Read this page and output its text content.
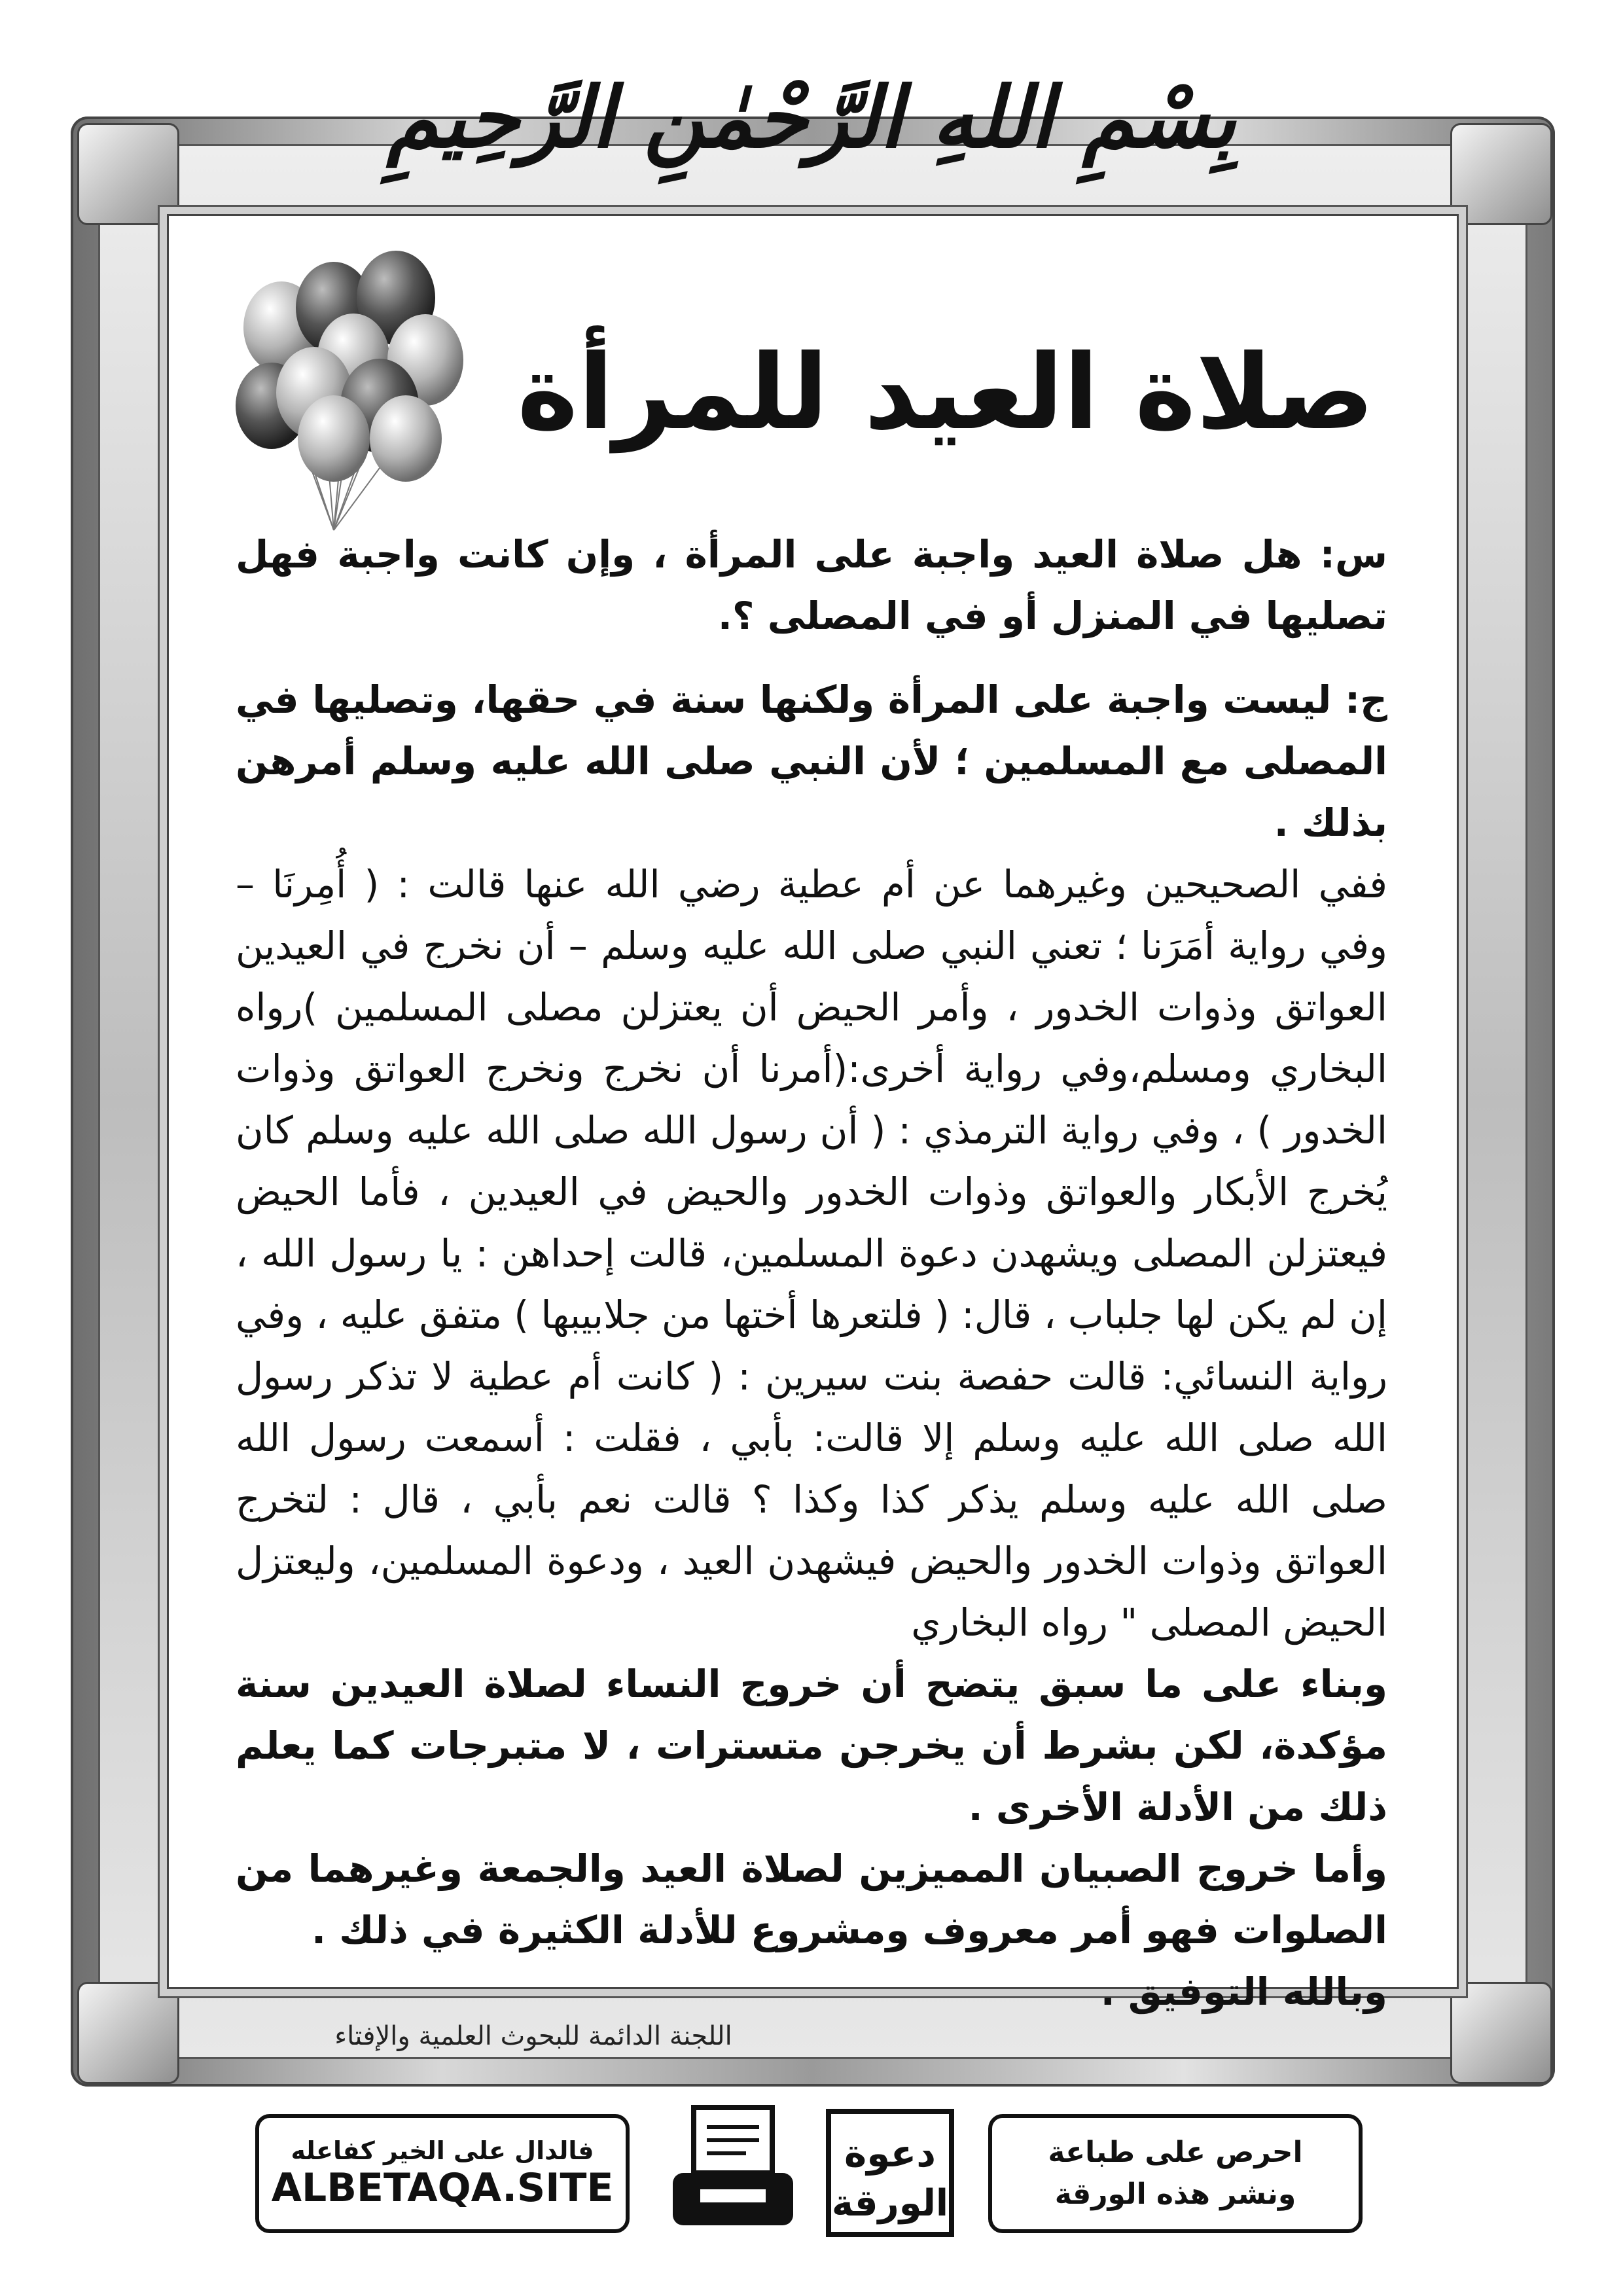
بِسْمِ اللهِ الرَّحْمٰنِ الرَّحِيمِ
صلاة العيد للمرأة

س: هل صلاة العيد واجبة على المرأة ، وإن كانت واجبة فهل تصليها في المنزل أو في المصلى ؟.

ج: ليست واجبة على المرأة ولكنها سنة في حقها، وتصليها في المصلى مع المسلمين ؛ لأن النبي صلى الله عليه وسلم أمرهن بذلك .

ففي الصحيحين وغيرهما عن أم عطية رضي الله عنها قالت : ( أُمِرنَا – وفي رواية أمَرَنا ؛ تعني النبي صلى الله عليه وسلم – أن نخرج في العيدين العواتق وذوات الخدور ، وأمر الحيض أن يعتزلن مصلى المسلمين )رواه البخاري ومسلم،وفي رواية أخرى:(أمرنا أن نخرج ونخرج العواتق وذوات الخدور ) ، وفي رواية الترمذي : ( أن رسول الله صلى الله عليه وسلم كان يُخرج الأبكار والعواتق وذوات الخدور والحيض في العيدين ، فأما الحيض فيعتزلن المصلى ويشهدن دعوة المسلمين، قالت إحداهن : يا رسول الله ، إن لم يكن لها جلباب ، قال: ( فلتعرها أختها من جلابيبها ) متفق عليه ، وفي رواية النسائي: قالت حفصة بنت سيرين : ( كانت أم عطية لا تذكر رسول الله صلى الله عليه وسلم إلا قالت: بأبي ، فقلت : أسمعت رسول الله صلى الله عليه وسلم يذكر كذا وكذا ؟ قالت نعم بأبي ، قال : لتخرج العواتق وذوات الخدور والحيض فيشهدن العيد ، ودعوة المسلمين، وليعتزل الحيض المصلى " رواه البخاري

وبناء على ما سبق يتضح أن خروج النساء لصلاة العيدين سنة مؤكدة، لكن بشرط أن يخرجن متسترات ، لا متبرجات كما يعلم ذلك من الأدلة الأخرى .

وأما خروج الصبيان المميزين لصلاة العيد والجمعة وغيرهما من الصلوات فهو أمر معروف ومشروع للأدلة الكثيرة في ذلك .

وبالله التوفيق .

اللجنة الدائمة للبحوث العلمية والإفتاء
فالدال على الخير كفاعله
ALBETAQA.SITE
دعوة
الورقة
احرص على طباعة
ونشر هذه الورقة
